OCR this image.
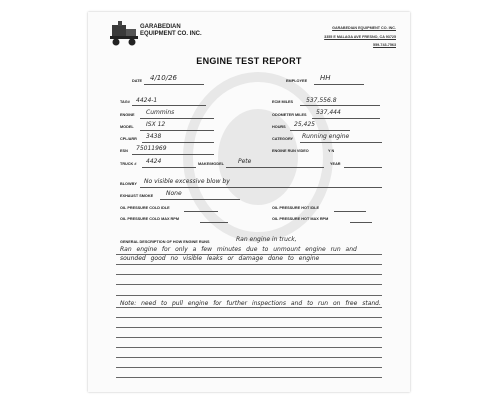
GARABEDIAN
EQUIPMENT CO. INC.
GARABEDIAN EQUIPMENT CO. INC.
3355 E MALAGA AVE FRESNO, CA 93725
559-743-7563
ENGINE TEST REPORT
DATE 4/10/26	EMPLOYEE HH
TAG# 4424-1	ECM MILES 537,556.8
ENGINE Cummins	ODOMETER MILES 537,444
MODEL ISX 12	HOURS 25,425
CPL/ARR 3438	CATEGORY Running engine
ESN 75011969	ENGINE RUN VIDEO	Y N
TRUCK # 4424	MAKE/MODEL Pete	YEAR
BLOWBY No visible excessive blow by
EXHAUST SMOKE None
OIL PRESSURE COLD IDLE	OIL PRESSURE HOT IDLE
OIL PRESSURE COLD MAX RPM	OIL PRESSURE HOT MAX RPM
GENERAL DESCRIPTION OF HOW ENGINE RUNS	Ran engine in truck,
Ran engine for only a few minutes due to unmount engine run and sounded good no visible leaks or damage done to engine
Note: need to pull engine for further inspections and to run on free stand.
